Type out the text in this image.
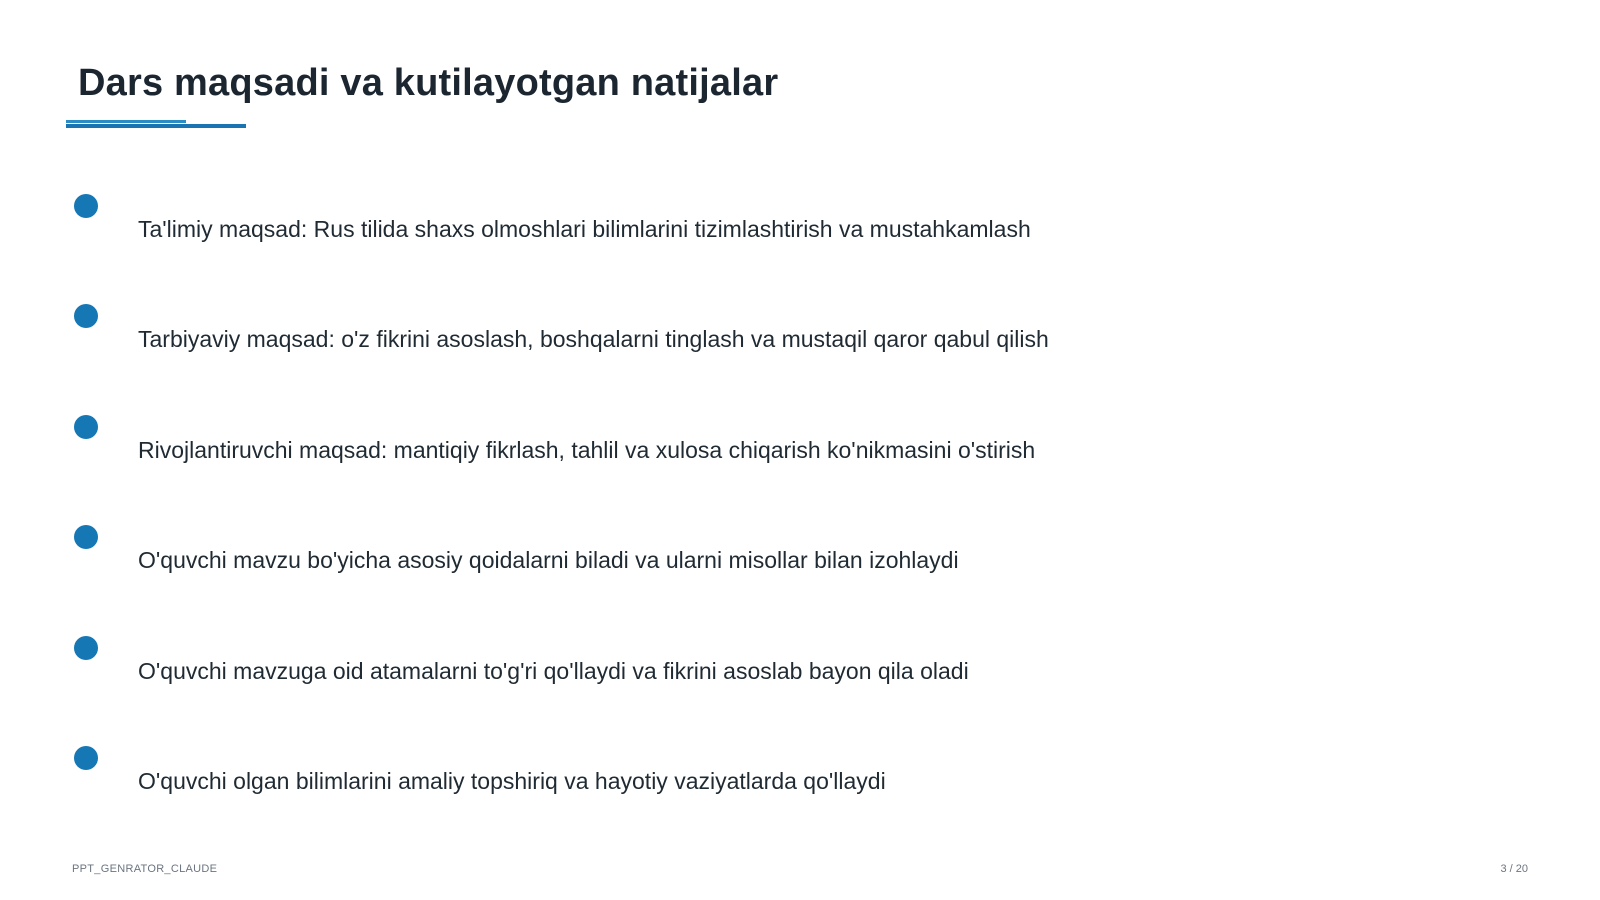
Dars maqsadi va kutilayotgan natijalar
Ta'limiy maqsad: Rus tilida shaxs olmoshlari bilimlarini tizimlashtirish va mustahkamlash
Tarbiyaviy maqsad: o'z fikrini asoslash, boshqalarni tinglash va mustaqil qaror qabul qilish
Rivojlantiruvchi maqsad: mantiqiy fikrlash, tahlil va xulosa chiqarish ko'nikmasini o'stirish
O'quvchi mavzu bo'yicha asosiy qoidalarni biladi va ularni misollar bilan izohlaydi
O'quvchi mavzuga oid atamalarni to'g'ri qo'llaydi va fikrini asoslab bayon qila oladi
O'quvchi olgan bilimlarini amaliy topshiriq va hayotiy vaziyatlarda qo'llaydi
PPT_GENRATOR_CLAUDE	3 / 20
